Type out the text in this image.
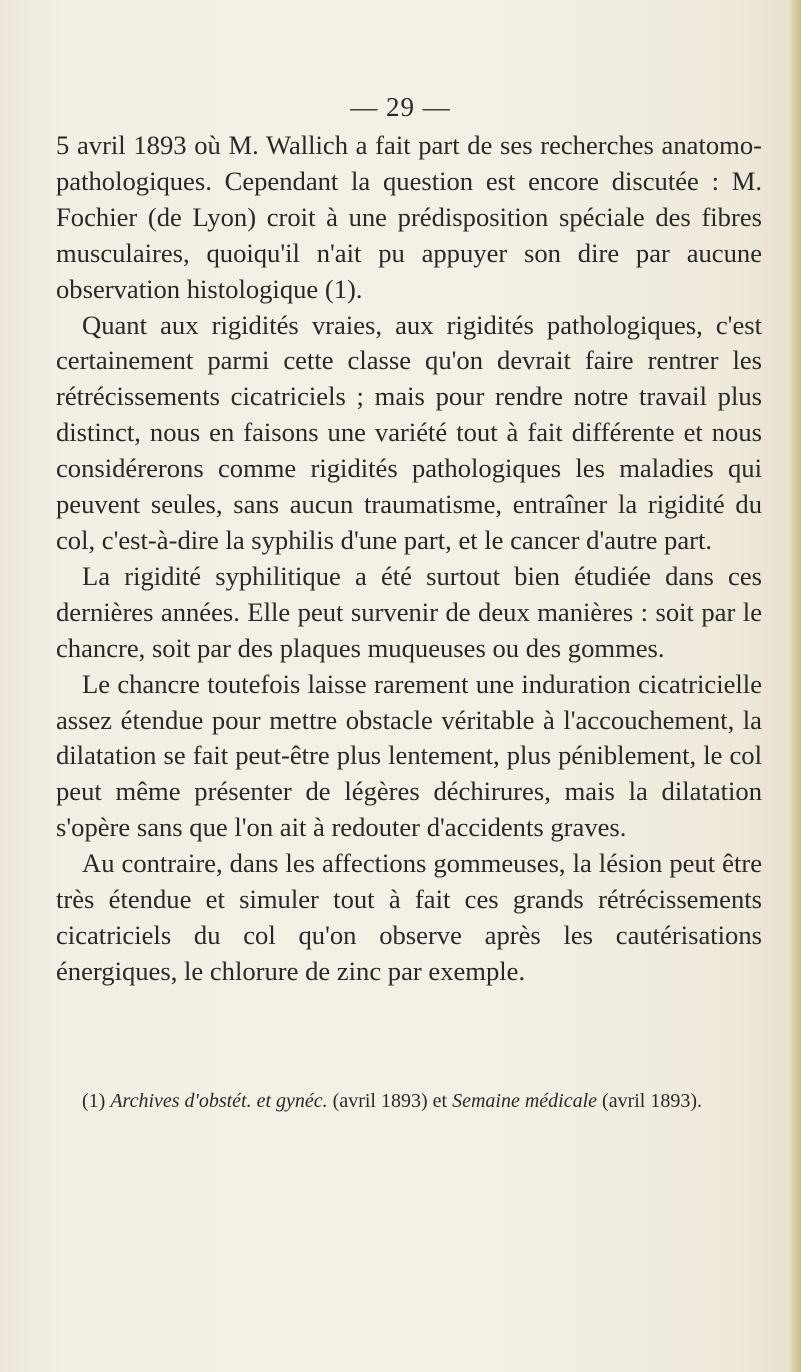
— 29 —

5 avril 1893 où M. Wallich a fait part de ses recherches anatomo-pathologiques. Cependant la question est encore discutée : M. Fochier (de Lyon) croit à une prédisposition spéciale des fibres musculaires, quoiqu'il n'ait pu appuyer son dire par aucune observation histologique (1).

Quant aux rigidités vraies, aux rigidités pathologiques, c'est certainement parmi cette classe qu'on devrait faire rentrer les rétrécissements cicatriciels ; mais pour rendre notre travail plus distinct, nous en faisons une variété tout à fait différente et nous considérerons comme rigidités pathologiques les maladies qui peuvent seules, sans aucun traumatisme, entraîner la rigidité du col, c'est-à-dire la syphilis d'une part, et le cancer d'autre part.

La rigidité syphilitique a été surtout bien étudiée dans ces dernières années. Elle peut survenir de deux manières : soit par le chancre, soit par des plaques muqueuses ou des gommes.

Le chancre toutefois laisse rarement une induration cicatricielle assez étendue pour mettre obstacle véritable à l'accouchement, la dilatation se fait peut-être plus lentement, plus péniblement, le col peut même présenter de légères déchirures, mais la dilatation s'opère sans que l'on ait à redouter d'accidents graves.

Au contraire, dans les affections gommeuses, la lésion peut être très étendue et simuler tout à fait ces grands rétrécissements cicatriciels du col qu'on observe après les cautérisations énergiques, le chlorure de zinc par exemple.

(1) Archives d'obstét. et gynéc. (avril 1893) et Semaine médicale (avril 1893).
